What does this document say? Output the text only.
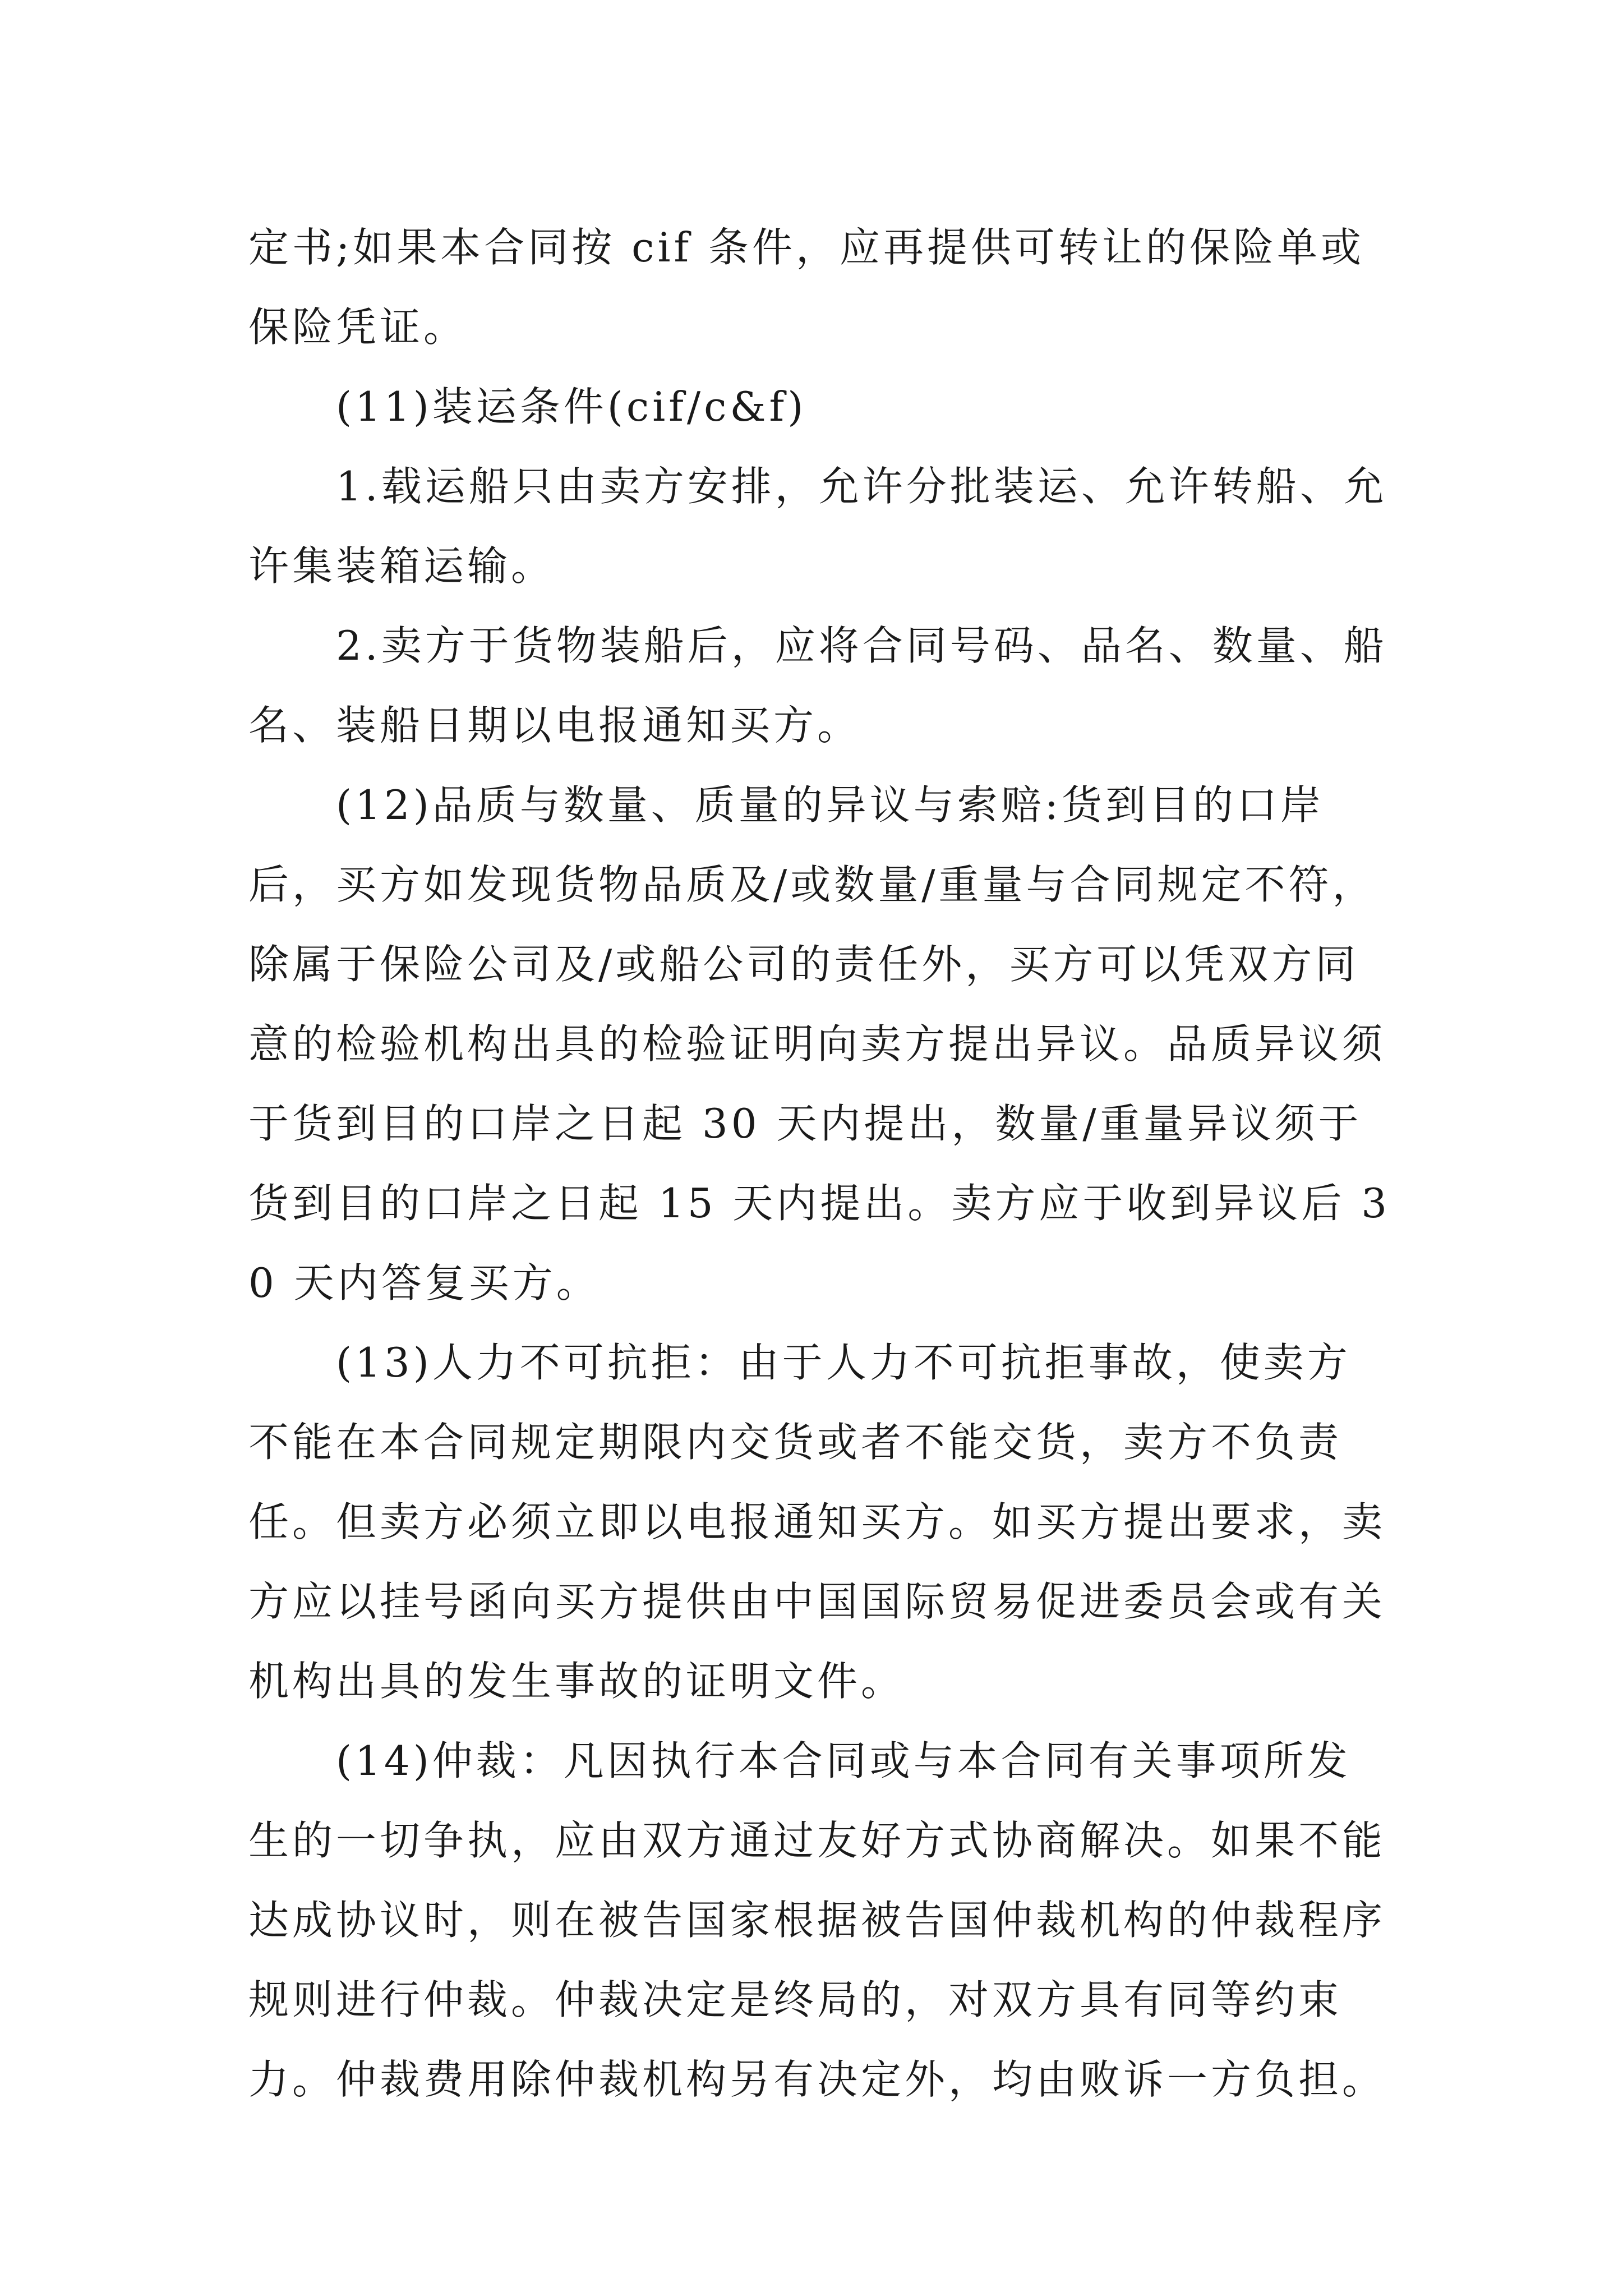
定书;如果本合同按 cif 条件，应再提供可转让的保险单或保险凭证。

(11)装运条件(cif/c&f)

1.载运船只由卖方安排，允许分批装运、允许转船、允许集装箱运输。

2.卖方于货物装船后，应将合同号码、品名、数量、船名、装船日期以电报通知买方。

(12)品质与数量、质量的异议与索赔:货到目的口岸后，买方如发现货物品质及/或数量/重量与合同规定不符，除属于保险公司及/或船公司的责任外，买方可以凭双方同意的检验机构出具的检验证明向卖方提出异议。品质异议须于货到目的口岸之日起 30 天内提出，数量/重量异议须于货到目的口岸之日起 15 天内提出。卖方应于收到异议后 30 天内答复买方。

(13)人力不可抗拒：由于人力不可抗拒事故，使卖方不能在本合同规定期限内交货或者不能交货，卖方不负责任。但卖方必须立即以电报通知买方。如买方提出要求，卖方应以挂号函向买方提供由中国国际贸易促进委员会或有关机构出具的发生事故的证明文件。

(14)仲裁：凡因执行本合同或与本合同有关事项所发生的一切争执，应由双方通过友好方式协商解决。如果不能达成协议时，则在被告国家根据被告国仲裁机构的仲裁程序规则进行仲裁。仲裁决定是终局的，对双方具有同等约束力。仲裁费用除仲裁机构另有决定外，均由败诉一方负担。
